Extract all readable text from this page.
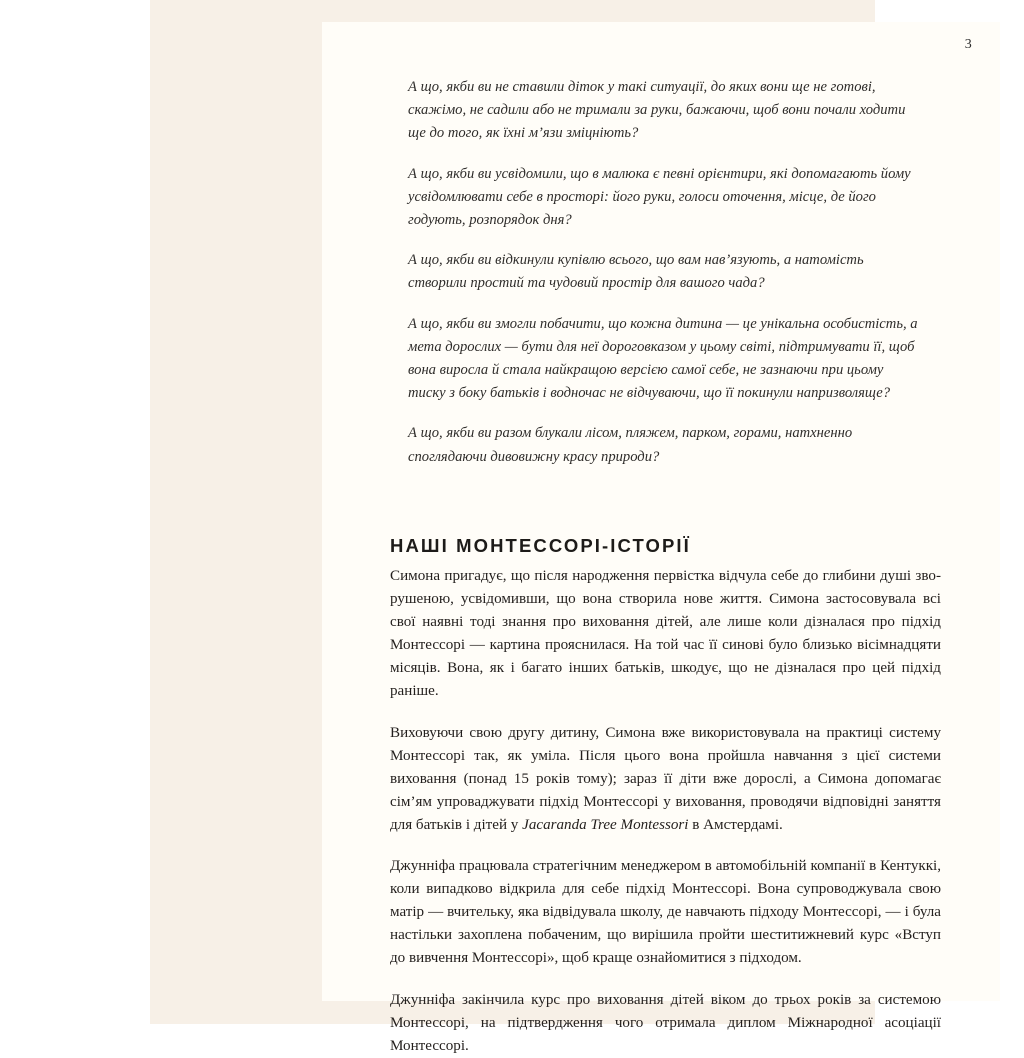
3

А що, якби ви не ставили діток у такі ситуації, до яких вони ще не готові, скажімо, не садили або не тримали за руки, бажаючи, щоб вони почали ходити ще до того, як їхні м’язи зміцніють?

А що, якби ви усвідомили, що в малюка є певні орієнтири, які допомагають йому усвідомлювати себе в просторі: його руки, голоси оточення, місце, де його годують, розпорядок дня?

А що, якби ви відкинули купівлю всього, що вам нав’язують, а натомість створили простий та чудовий простір для вашого чада?

А що, якби ви змогли побачити, що кожна дитина — це унікальна особистість, а мета дорослих — бути для неї дороговказом у цьому світі, підтримувати її, щоб вона виросла й стала найкращою версією самої себе, не зазнаючи при цьому тиску з боку батьків і водночас не відчуваючи, що її покинули напризволяще?

А що, якби ви разом блукали лісом, пляжем, парком, горами, натхненно споглядаючи дивовижну красу природи?

НАШІ МОНТЕССОРІ-ІСТОРІЇ

Симона пригадує, що після народження первістка відчула себе до глибини душі зворушеною, усвідомивши, що вона створила нове життя. Симона застосовувала всі свої наявні тоді знання про виховання дітей, але лише коли дізналася про підхід Монтессорі — картина прояснилася. На той час її синові було близько вісімнадцяти місяців. Вона, як і багато інших батьків, шкодує, що не дізналася про цей підхід раніше.

Виховуючи свою другу дитину, Симона вже використовувала на практиці систему Монтессорі так, як уміла. Після цього вона пройшла навчання з цієї системи виховання (понад 15 років тому); зараз її діти вже дорослі, а Симона допомагає сім’ям упроваджувати підхід Монтессорі у виховання, проводячи відповідні заняття для батьків і дітей у Jacaranda Tree Montessori в Амстердамі.

Джунніфа працювала стратегічним менеджером в автомобільній компанії в Кентуккі, коли випадково відкрила для себе підхід Монтессорі. Вона супроводжувала свою матір — вчительку, яка відвідувала школу, де навчають підходу Монтессорі, — і була настільки захоплена побаченим, що вирішила пройти шеститижневий курс «Вступ до вивчення Монтессорі», щоб краще ознайомитися з підходом.

Джунніфа закінчила курс про виховання дітей віком до трьох років за системою Монтессорі, на підтвердження чого отримала диплом Міжнародної асоціації Монтессорі.
